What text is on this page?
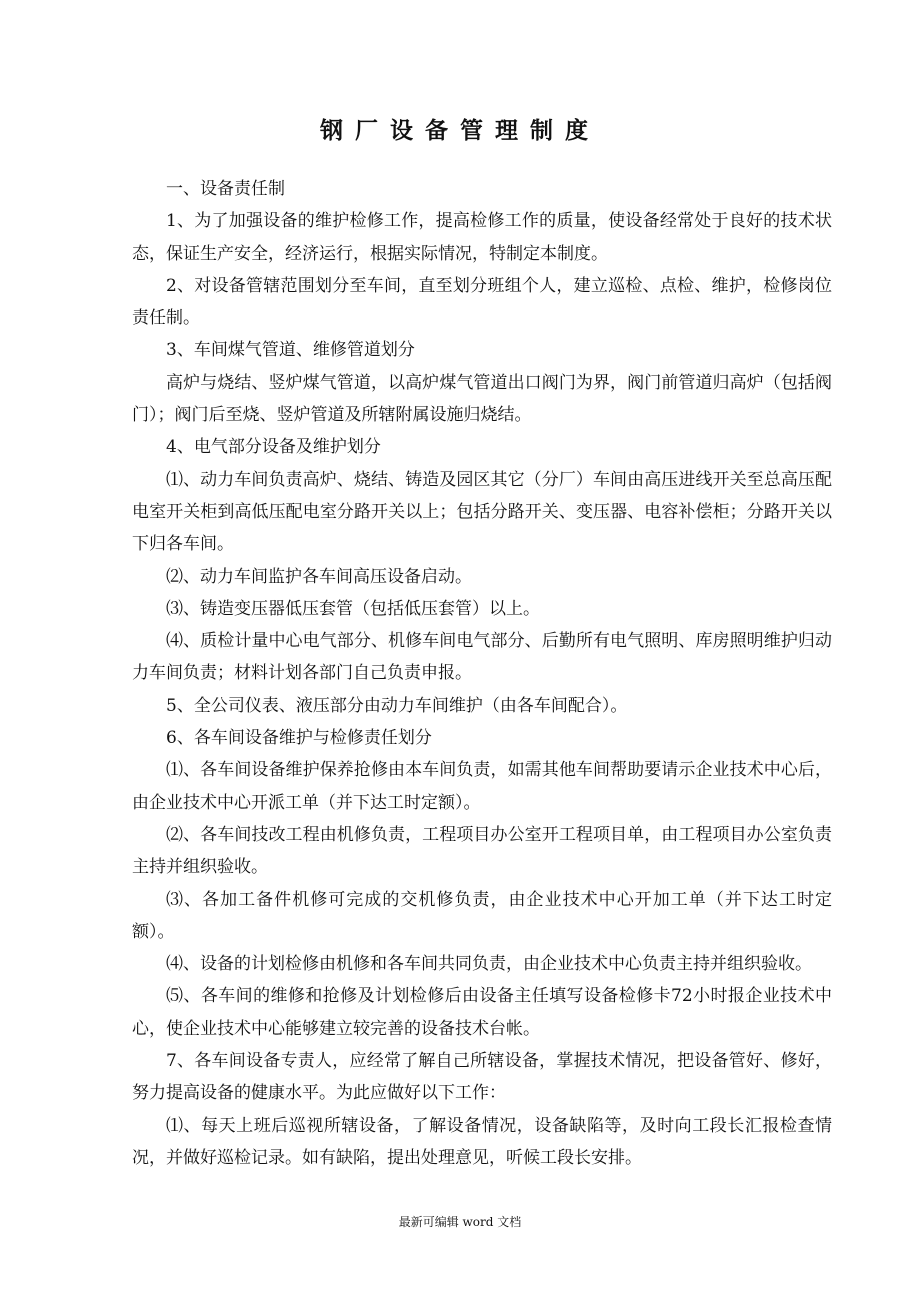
钢厂设备管理制度

一、设备责任制

1、为了加强设备的维护检修工作，提高检修工作的质量，使设备经常处于良好的技术状态，保证生产安全，经济运行，根据实际情况，特制定本制度。

2、对设备管辖范围划分至车间，直至划分班组个人，建立巡检、点检、维护，检修岗位责任制。

3、车间煤气管道、维修管道划分

高炉与烧结、竖炉煤气管道，以高炉煤气管道出口阀门为界，阀门前管道归高炉（包括阀门）；阀门后至烧、竖炉管道及所辖附属设施归烧结。

4、电气部分设备及维护划分

⑴、动力车间负责高炉、烧结、铸造及园区其它（分厂）车间由高压进线开关至总高压配电室开关柜到高低压配电室分路开关以上；包括分路开关、变压器、电容补偿柜；分路开关以下归各车间。

⑵、动力车间监护各车间高压设备启动。

⑶、铸造变压器低压套管（包括低压套管）以上。

⑷、质检计量中心电气部分、机修车间电气部分、后勤所有电气照明、库房照明维护归动力车间负责；材料计划各部门自己负责申报。

5、全公司仪表、液压部分由动力车间维护（由各车间配合）。

6、各车间设备维护与检修责任划分

⑴、各车间设备维护保养抢修由本车间负责，如需其他车间帮助要请示企业技术中心后，由企业技术中心开派工单（并下达工时定额）。

⑵、各车间技改工程由机修负责，工程项目办公室开工程项目单，由工程项目办公室负责主持并组织验收。

⑶、各加工备件机修可完成的交机修负责，由企业技术中心开加工单（并下达工时定额）。

⑷、设备的计划检修由机修和各车间共同负责，由企业技术中心负责主持并组织验收。

⑸、各车间的维修和抢修及计划检修后由设备主任填写设备检修卡72小时报企业技术中心，使企业技术中心能够建立较完善的设备技术台帐。

7、各车间设备专责人，应经常了解自己所辖设备，掌握技术情况，把设备管好、修好，努力提高设备的健康水平。为此应做好以下工作：

⑴、每天上班后巡视所辖设备，了解设备情况，设备缺陷等，及时向工段长汇报检查情况，并做好巡检记录。如有缺陷，提出处理意见，听候工段长安排。

最新可编辑 word 文档
